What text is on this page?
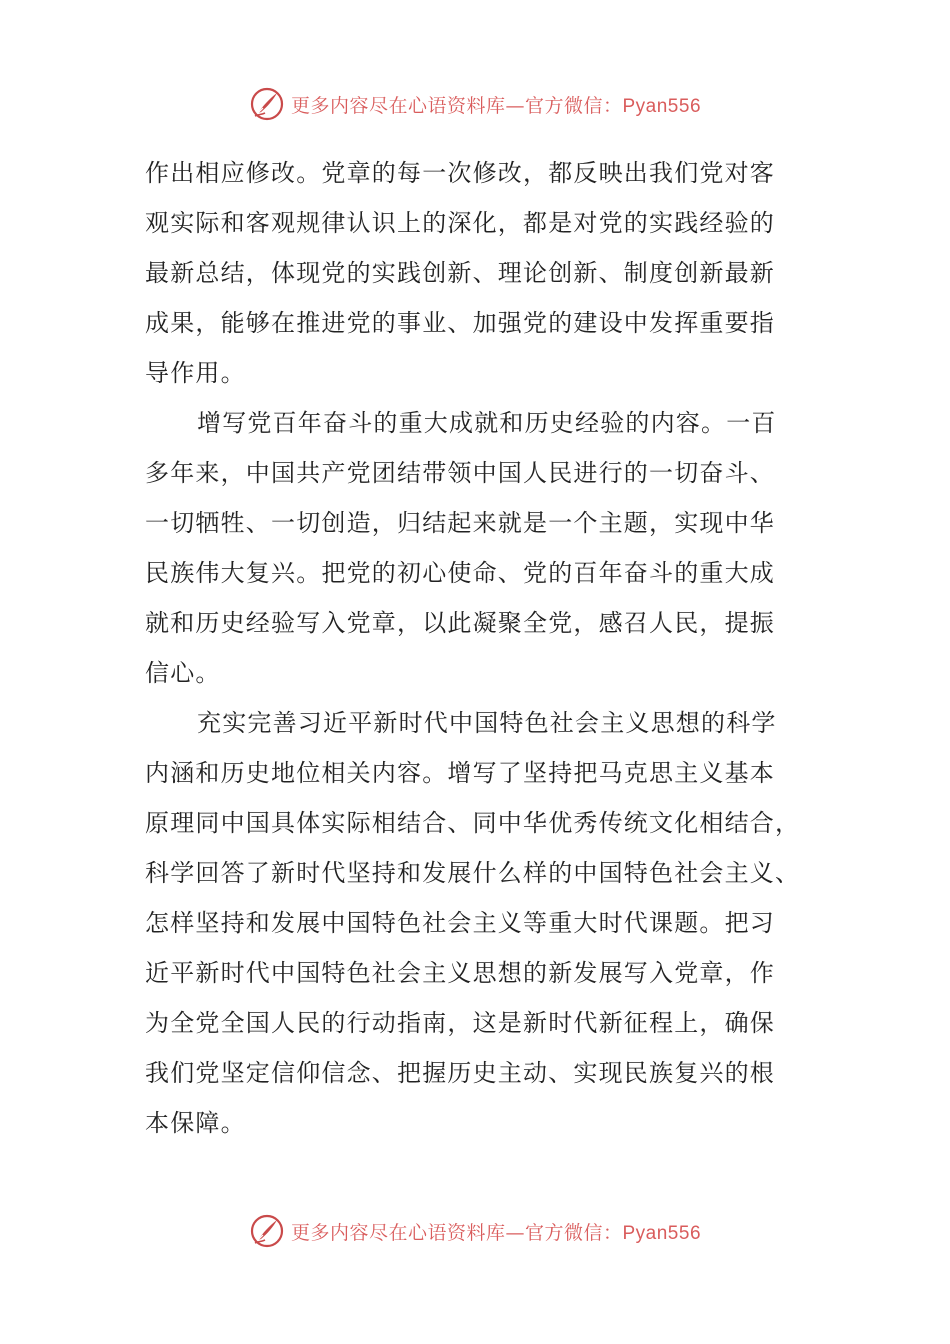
更多内容尽在心语资料库—官方微信：Pyan556
作出相应修改。党章的每一次修改，都反映出我们党对客
观实际和客观规律认识上的深化，都是对党的实践经验的
最新总结，体现党的实践创新、理论创新、制度创新最新
成果，能够在推进党的事业、加强党的建设中发挥重要指
导作用。
增写党百年奋斗的重大成就和历史经验的内容。一百
多年来，中国共产党团结带领中国人民进行的一切奋斗、
一切牺牲、一切创造，归结起来就是一个主题，实现中华
民族伟大复兴。把党的初心使命、党的百年奋斗的重大成
就和历史经验写入党章，以此凝聚全党，感召人民，提振
信心。
充实完善习近平新时代中国特色社会主义思想的科学
内涵和历史地位相关内容。增写了坚持把马克思主义基本
原理同中国具体实际相结合、同中华优秀传统文化相结合，
科学回答了新时代坚持和发展什么样的中国特色社会主义、
怎样坚持和发展中国特色社会主义等重大时代课题。把习
近平新时代中国特色社会主义思想的新发展写入党章，作
为全党全国人民的行动指南，这是新时代新征程上，确保
我们党坚定信仰信念、把握历史主动、实现民族复兴的根
本保障。
更多内容尽在心语资料库—官方微信：Pyan556
